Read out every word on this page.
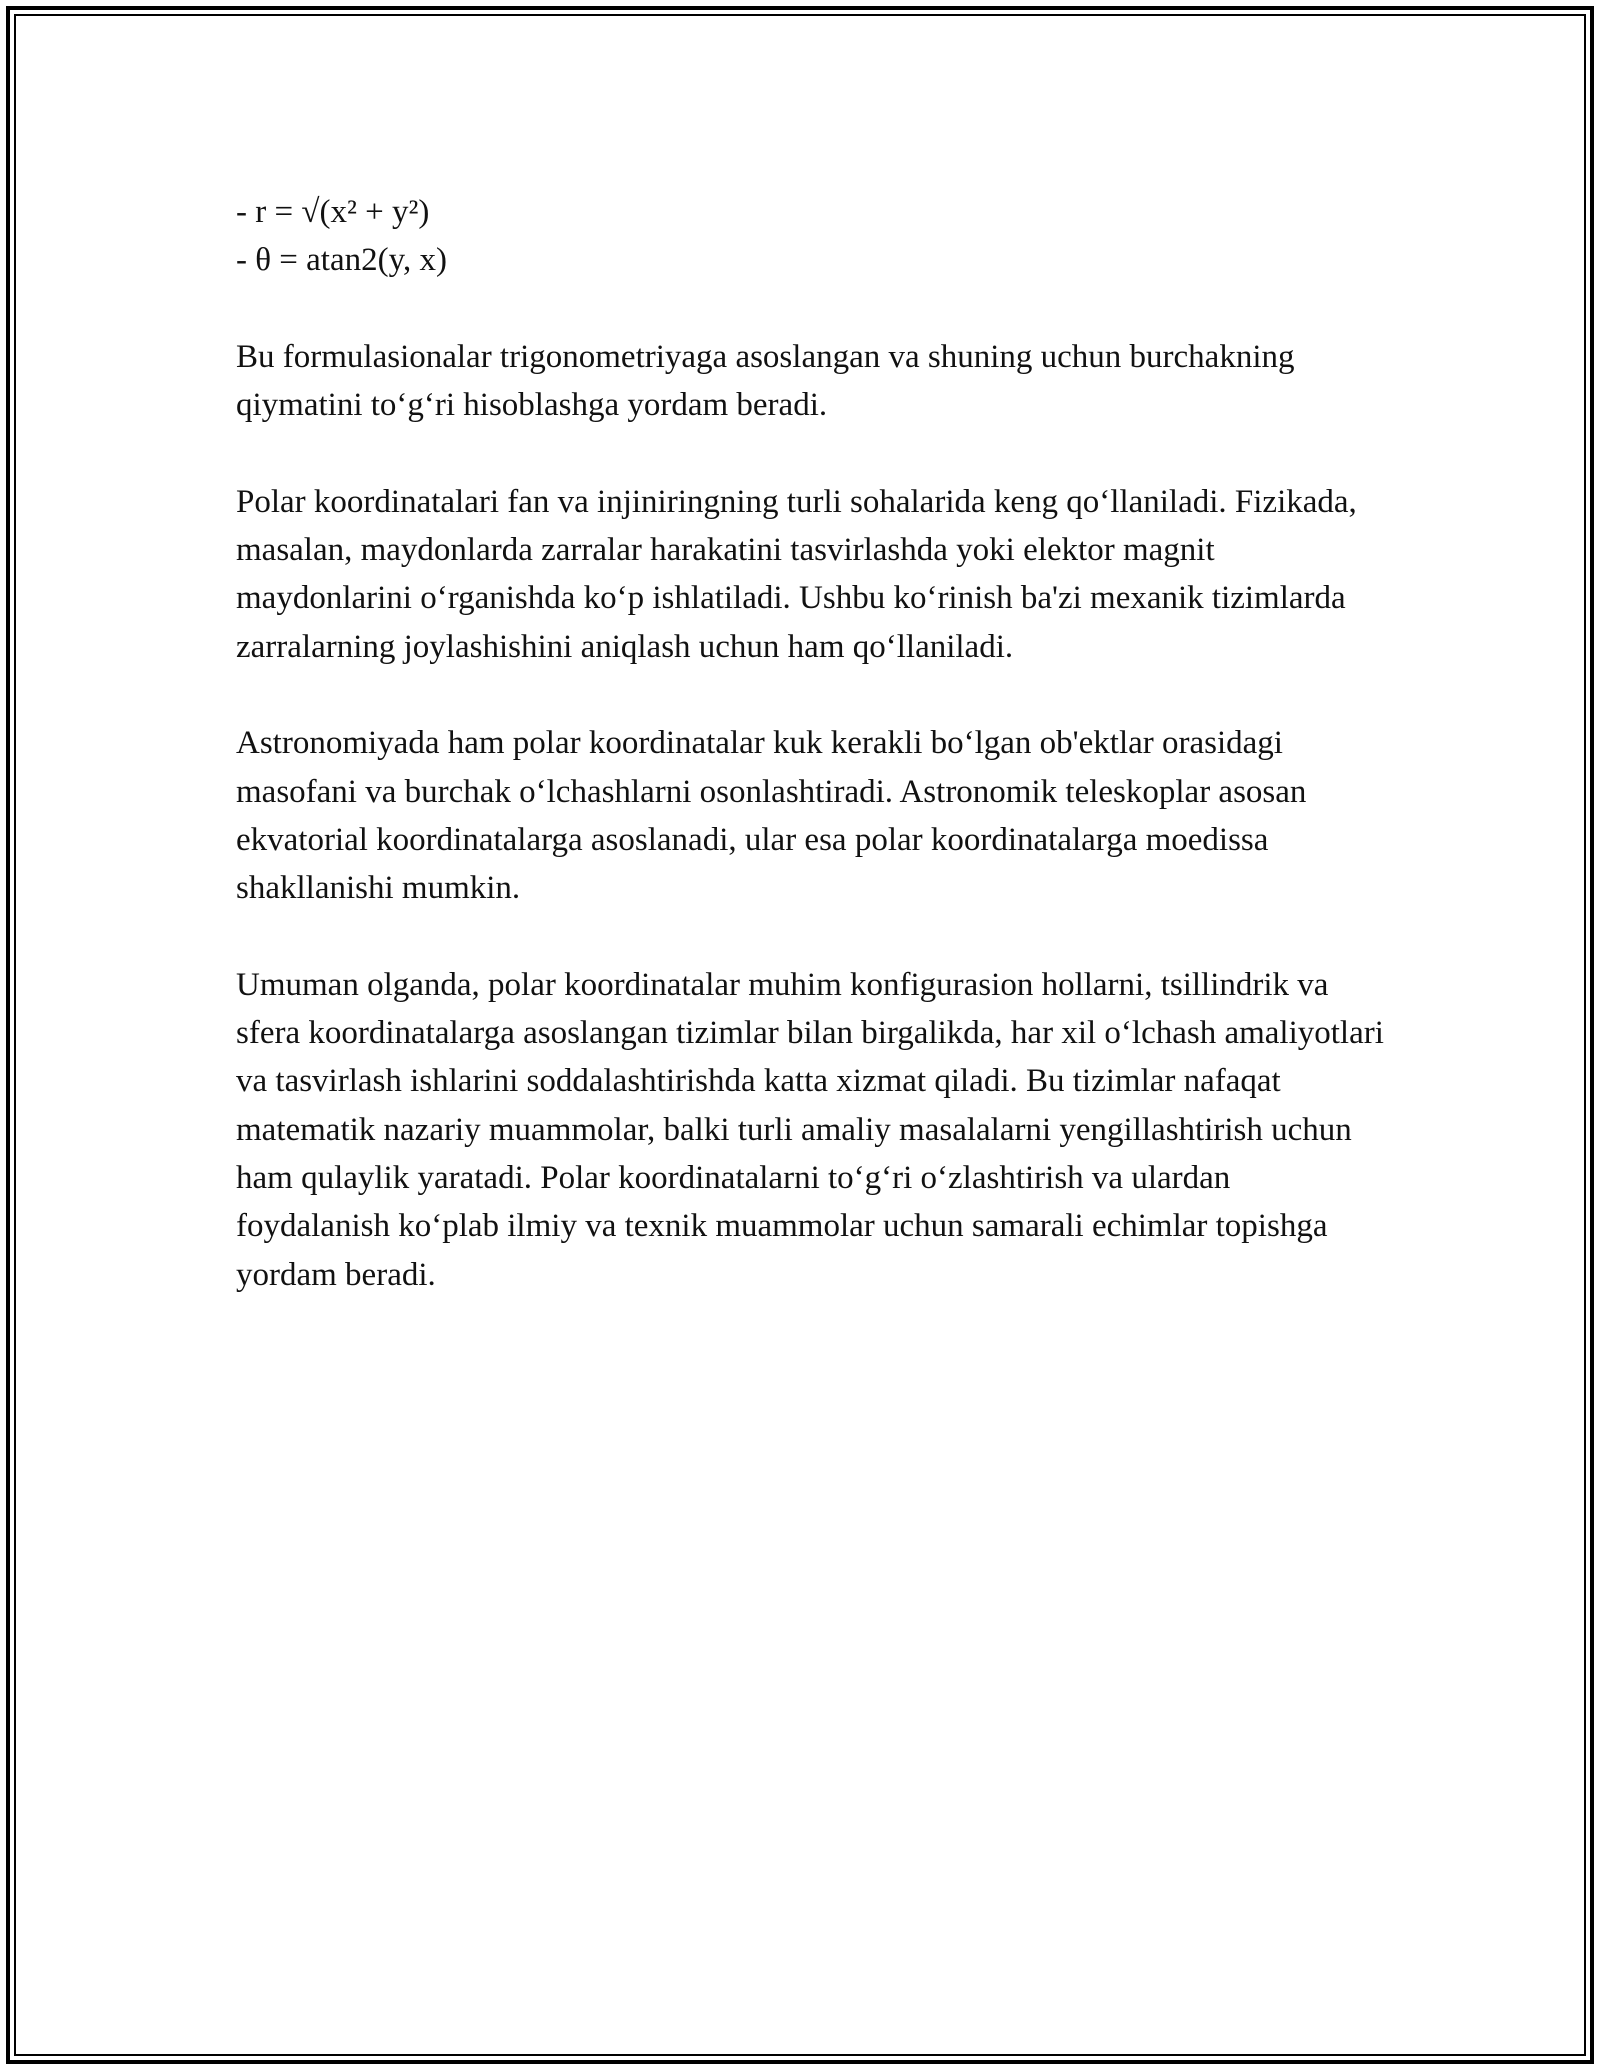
- r = √(x² + y²)
- θ = atan2(y, x)

Bu formulasionalar trigonometriyaga asoslangan va shuning uchun burchakning qiymatini to‘g‘ri hisoblashga yordam beradi.

Polar koordinatalari fan va injiniringning turli sohalarida keng qo‘llaniladi. Fizikada, masalan, maydonlarda zarralar harakatini tasvirlashda yoki elektor magnit maydonlarini o‘rganishda ko‘p ishlatiladi. Ushbu ko‘rinish ba'zi mexanik tizimlarda zarralarning joylashishini aniqlash uchun ham qo‘llaniladi.

Astronomiyada ham polar koordinatalar kuk kerakli bo‘lgan ob'ektlar orasidagi masofani va burchak o‘lchashlarni osonlashtiradi. Astronomik teleskoplar asosan ekvatorial koordinatalarga asoslanadi, ular esa polar koordinatalarga moedissa shakllanishi mumkin.

Umuman olganda, polar koordinatalar muhim konfigurasion hollarni, tsillindrik va sfera koordinatalarga asoslangan tizimlar bilan birgalikda, har xil o‘lchash amaliyotlari va tasvirlash ishlarini soddalashtirishda katta xizmat qiladi. Bu tizimlar nafaqat matematik nazariy muammolar, balki turli amaliy masalalarni yengillashtirish uchun ham qulaylik yaratadi. Polar koordinatalarni to‘g‘ri o‘zlashtirish va ulardan foydalanish ko‘plab ilmiy va texnik muammolar uchun samarali echimlar topishga yordam beradi.
